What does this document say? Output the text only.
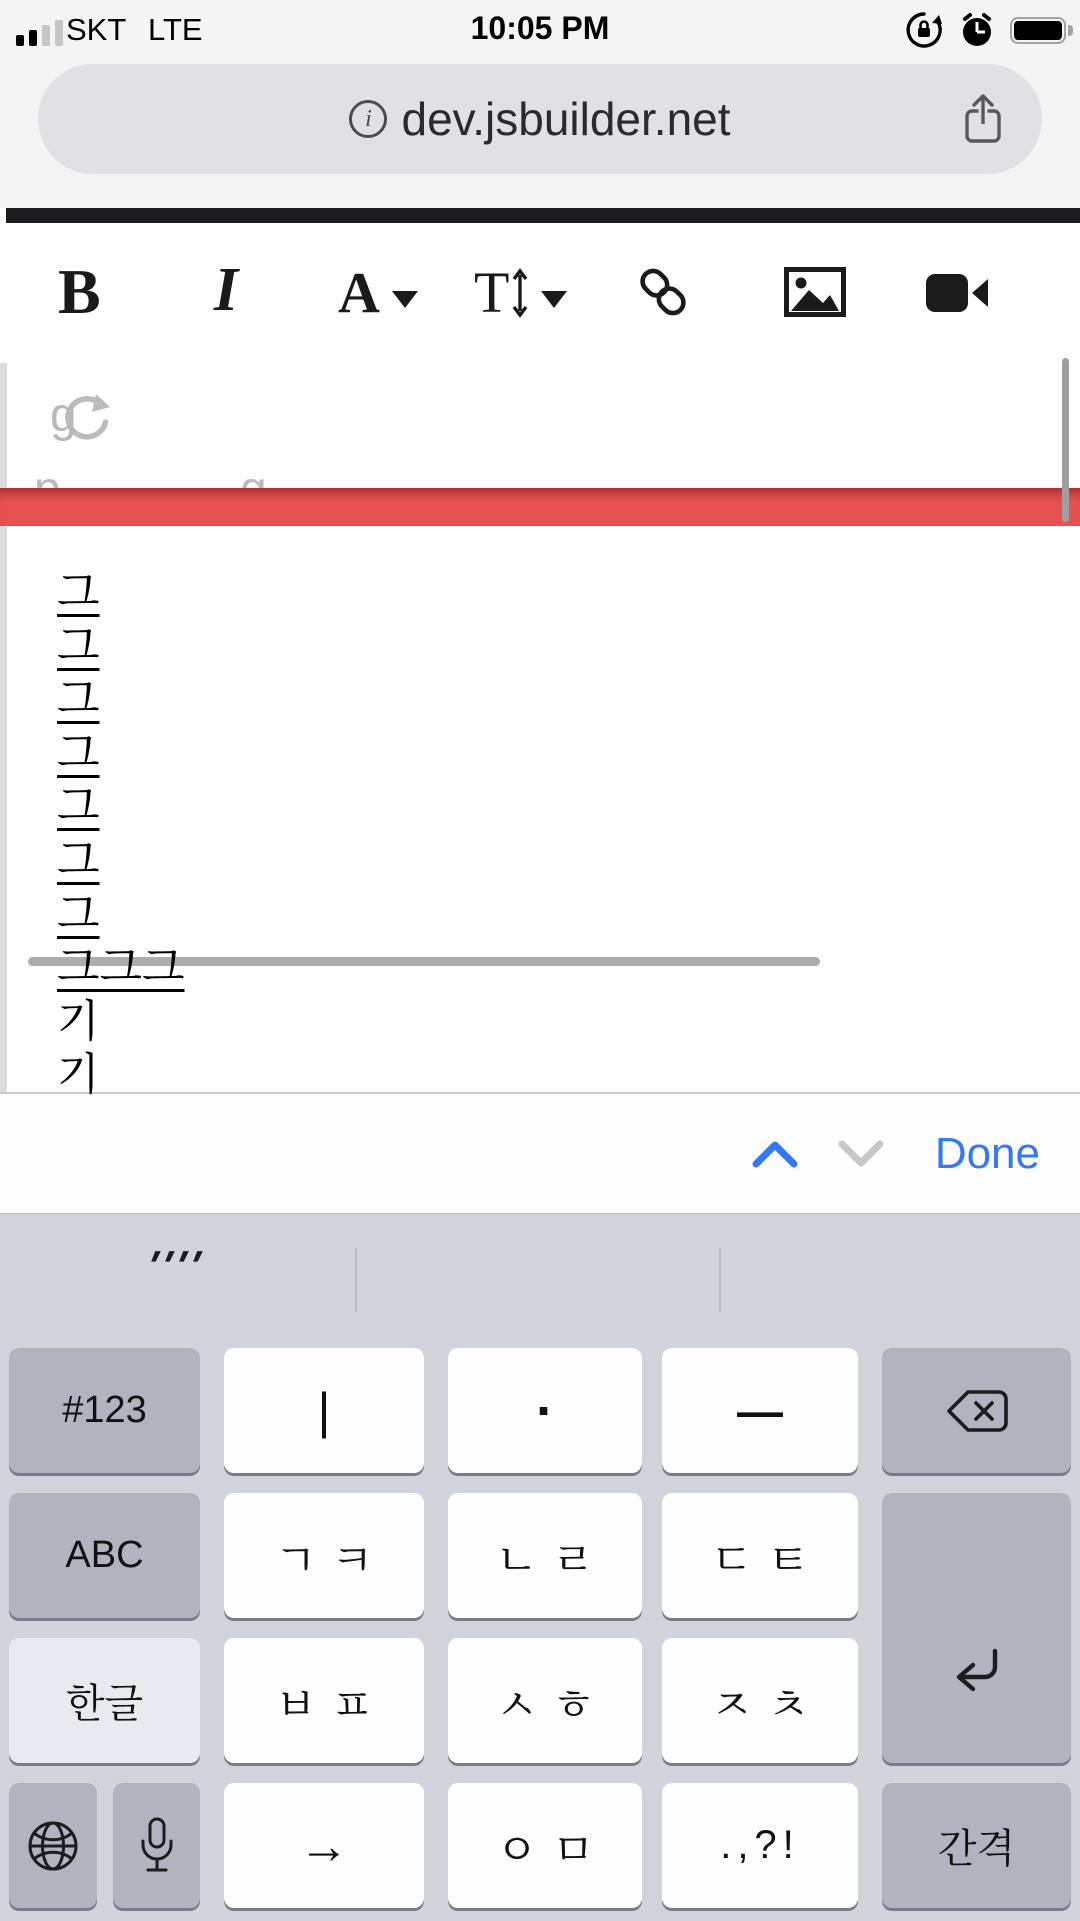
SKT LTE	10:05 PM
i dev.jsbuilder.net
B I A T
g
그
그
그
그
그
그
그
그그그
기
기
Done
''''
#123	|	·	—
ABC	ㄱㅋ	ㄴㄹ	ㄷㅌ
한글	ㅂㅍ	ㅅㅎ	ㅈㅊ
→	ㅇㅁ	.,?!	간격
